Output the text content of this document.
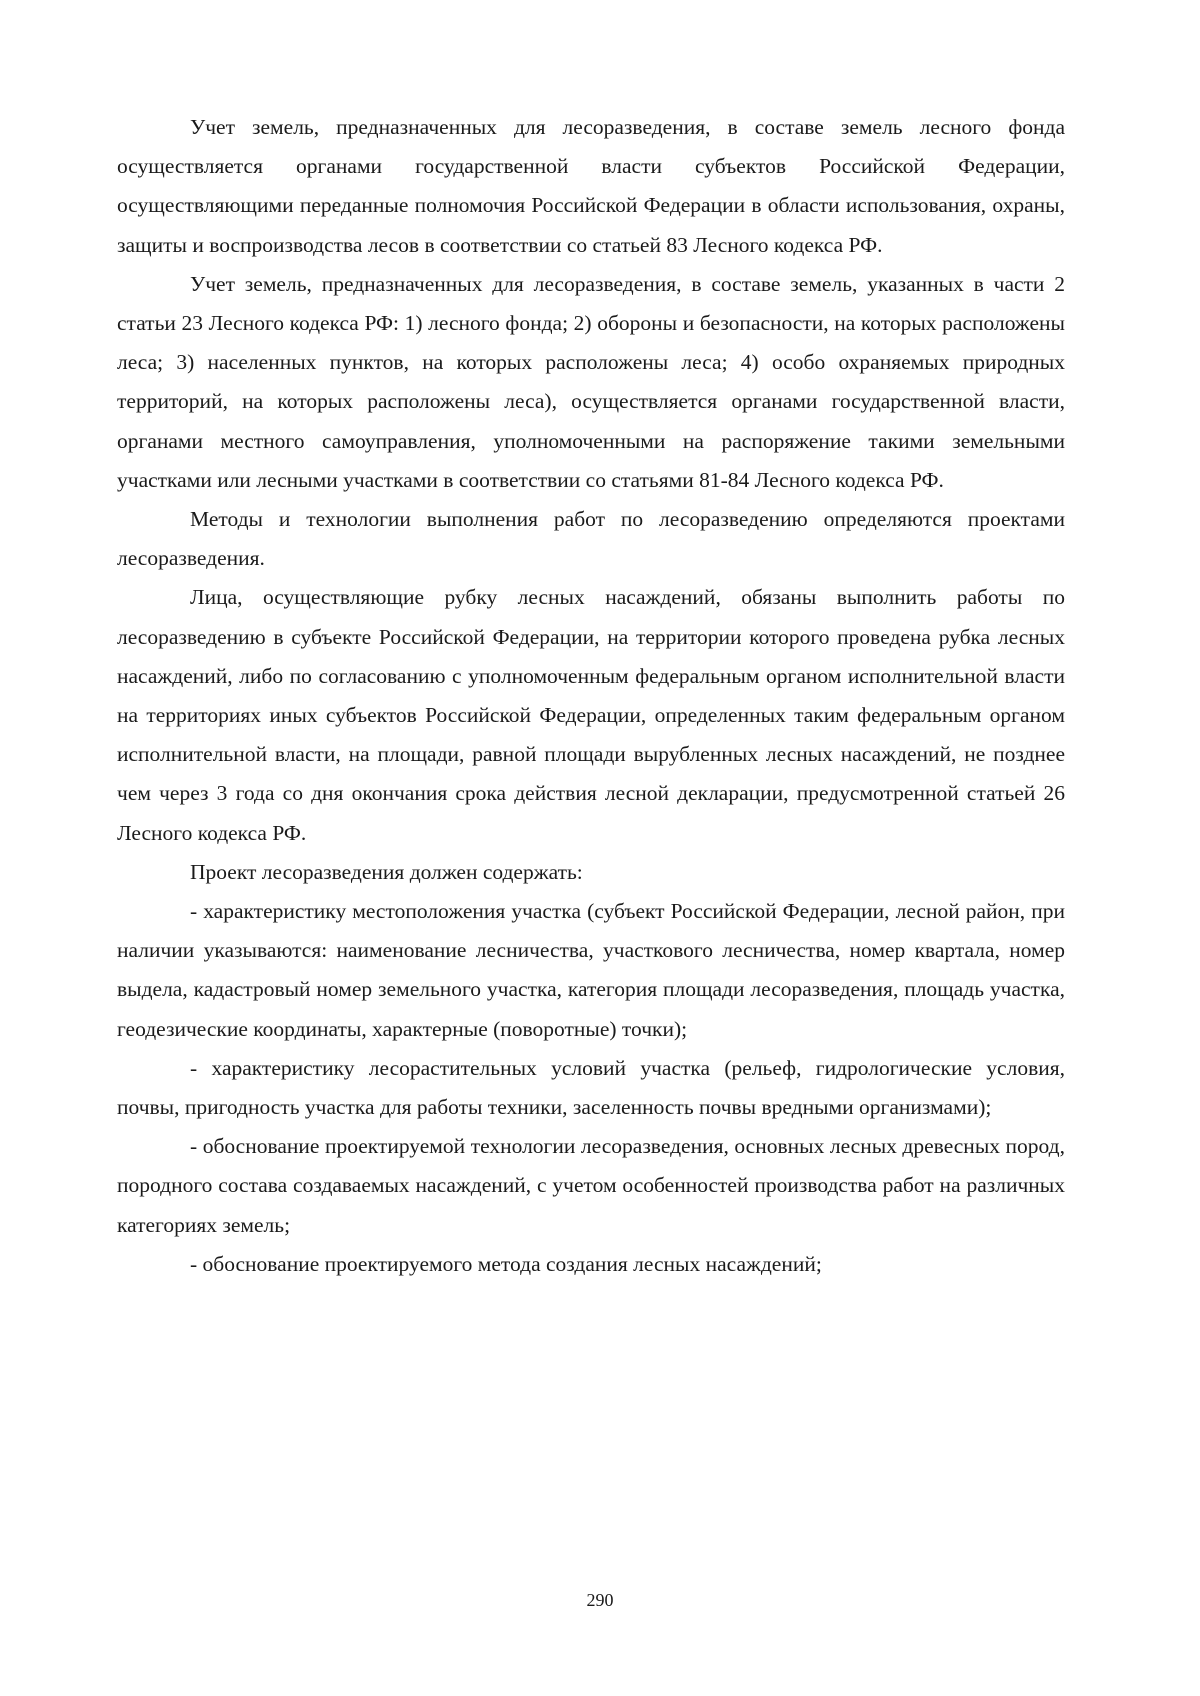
Учет земель, предназначенных для лесоразведения, в составе земель лесного фонда осуществляется органами государственной власти субъектов Российской Федерации, осуществляющими переданные полномочия Российской Федерации в области использования, охраны, защиты и воспроизводства лесов в соответствии со статьей 83 Лесного кодекса РФ.

Учет земель, предназначенных для лесоразведения, в составе земель, указанных в части 2 статьи 23 Лесного кодекса РФ: 1) лесного фонда; 2) обороны и безопасности, на которых расположены леса; 3) населенных пунктов, на которых расположены леса; 4) особо охраняемых природных территорий, на которых расположены леса), осуществляется органами государственной власти, органами местного самоуправления, уполномоченными на распоряжение такими земельными участками или лесными участками в соответствии со статьями 81-84 Лесного кодекса РФ.

Методы и технологии выполнения работ по лесоразведению определяются проектами лесоразведения.

Лица, осуществляющие рубку лесных насаждений, обязаны выполнить работы по лесоразведению в субъекте Российской Федерации, на территории которого проведена рубка лесных насаждений, либо по согласованию с уполномоченным федеральным органом исполнительной власти на территориях иных субъектов Российской Федерации, определенных таким федеральным органом исполнительной власти, на площади, равной площади вырубленных лесных насаждений, не позднее чем через 3 года со дня окончания срока действия лесной декларации, предусмотренной статьей 26 Лесного кодекса РФ.

Проект лесоразведения должен содержать:

- характеристику местоположения участка (субъект Российской Федерации, лесной район, при наличии указываются: наименование лесничества, участкового лесничества, номер квартала, номер выдела, кадастровый номер земельного участка, категория площади лесоразведения, площадь участка, геодезические координаты, характерные (поворотные) точки);

- характеристику лесорастительных условий участка (рельеф, гидрологические условия, почвы, пригодность участка для работы техники, заселенность почвы вредными организмами);

- обоснование проектируемой технологии лесоразведения, основных лесных древесных пород, породного состава создаваемых насаждений, с учетом особенностей производства работ на различных категориях земель;

- обоснование проектируемого метода создания лесных насаждений;

290
